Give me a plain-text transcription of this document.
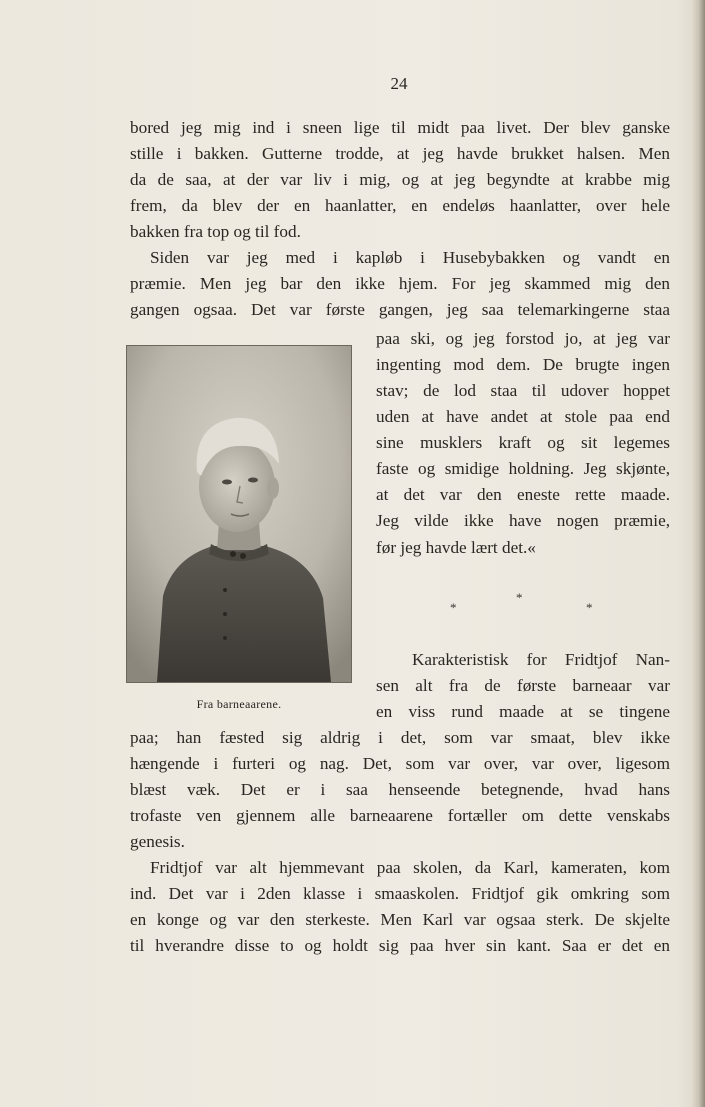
24
bored jeg mig ind i sneen lige til midt paa livet. Der blev ganske
stille i bakken. Gutterne trodde, at jeg havde brukket halsen. Men
da de saa, at der var liv i mig, og at jeg begyndte at krabbe mig
frem, da blev der en haanlatter, en endeløs haanlatter, over hele
bakken fra top og til fod.
Siden var jeg med i kapløb i Husebybakken og vandt en
præmie. Men jeg bar den ikke hjem. For jeg skammed mig den
gangen ogsaa. Det var første gangen, jeg saa telemarkingerne staa
Fra barneaarene.
paa ski, og jeg forstod jo, at jeg var
ingenting mod dem. De brugte ingen
stav; de lod staa til udover hoppet
uden at have andet at stole paa end
sine musklers kraft og sit legemes
faste og smidige holdning. Jeg skjønte,
at det var den eneste rette maade.
Jeg vilde ikke have nogen præmie,
før jeg havde lært det.«
*
*	*
Karakteristisk for Fridtjof Nan-
sen alt fra de første barneaar var
en viss rund maade at se tingene
paa; han fæsted sig aldrig i det, som var smaat, blev ikke
hængende i furteri og nag. Det, som var over, var over, ligesom
blæst væk. Det er i saa henseende betegnende, hvad hans
trofaste ven gjennem alle barneaarene fortæller om dette venskabs
genesis.
Fridtjof var alt hjemmevant paa skolen, da Karl, kameraten, kom
ind. Det var i 2den klasse i smaaskolen. Fridtjof gik omkring som
en konge og var den sterkeste. Men Karl var ogsaa sterk. De skjelte
til hverandre disse to og holdt sig paa hver sin kant. Saa er det en
